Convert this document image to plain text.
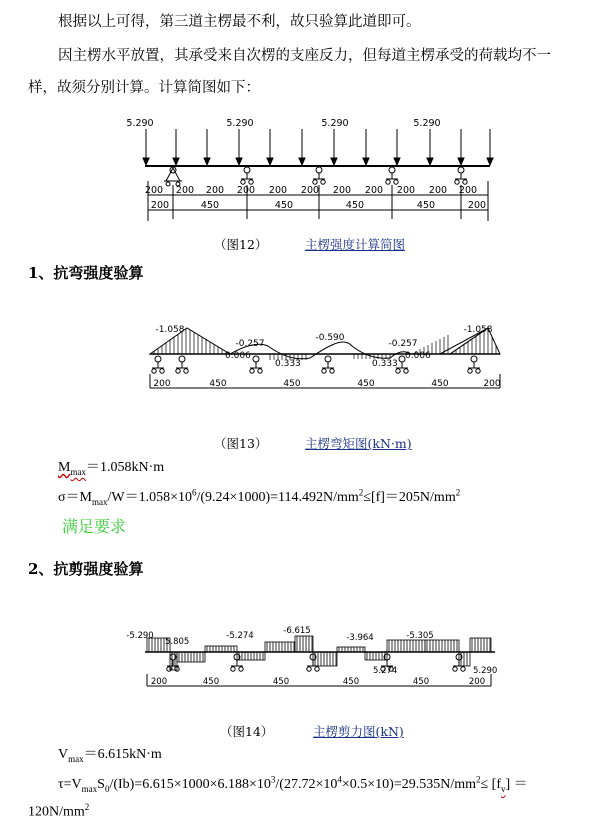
根据以上可得，第三道主楞最不利，故只验算此道即可。
因主楞水平放置，其承受来自次楞的支座反力，但每道主楞承受的荷载均不一
样，故须分别计算。计算简图如下：
5.290	5.290	5.290	5.290
200 200 200 200 200 200 200 200 200 200 200
200	450	450	450	450	200
（图12）	主楞强度计算简图
1、抗弯强度验算
-1.058
-0.257
0.006
0.333
-0.590
0.333
-0.257
0.006
-1.058
200	450	450	450	450	200
（图13）	主楞弯矩图(kN·m)
$M_{max}=1.058kN\cdot m$
$\sigma=M_{max}/W=1.058\times 10^6/(9.24\times 1000)=114.492N/mm^2\le[f]=205N/mm^2$
满足要求
2、抗剪强度验算
-5.290	-5.274	-6.615
-3.964	-5.305
5.805
5.274	5.290
200	450	450	450	450	200
（图14）	主楞剪力图(kN)
$V_{max}=6.615kN\cdot m$
$\tau=V_{max}S_0/(Ib)=6.615\times 1000\times 6.188\times 10^3/(27.72\times 10^4\times 0.5\times 10)=29.535N/mm^2\le [f_v]$ ＝
$120N/mm^2$
